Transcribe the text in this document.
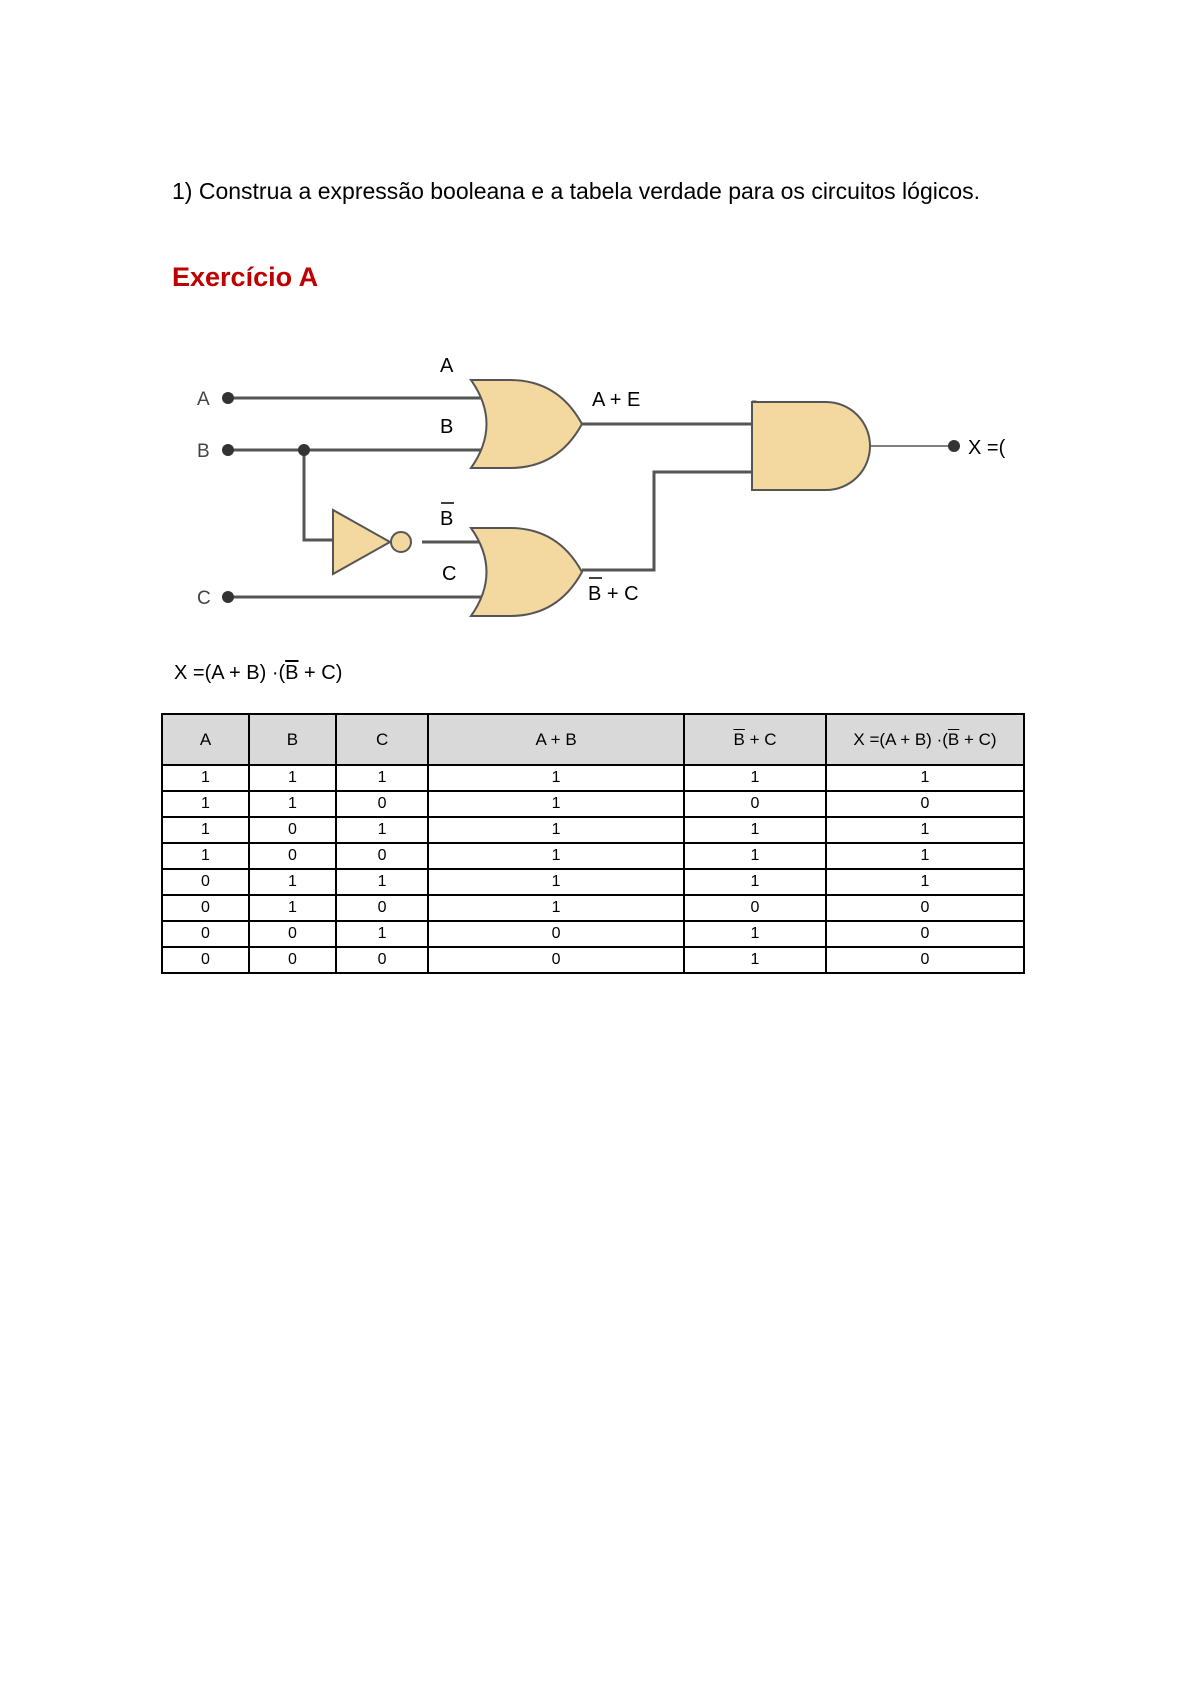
1) Construa a expressão booleana e a tabela verdade para os circuitos lógicos.
Exercício A
A
B
C
A
B
A + E
B
C
B + C
X =(
$X =(A + B) \cdot(\overline{B} + C)$
A	B	C	A + B	$\overline{B} + C$	$X =(A + B) \cdot(\overline{B} + C)$
1	1	1	1	1	1
1	1	0	1	0	0
1	0	1	1	1	1
1	0	0	1	1	1
0	1	1	1	1	1
0	1	0	1	0	0
0	0	1	0	1	0
0	0	0	0	1	0
